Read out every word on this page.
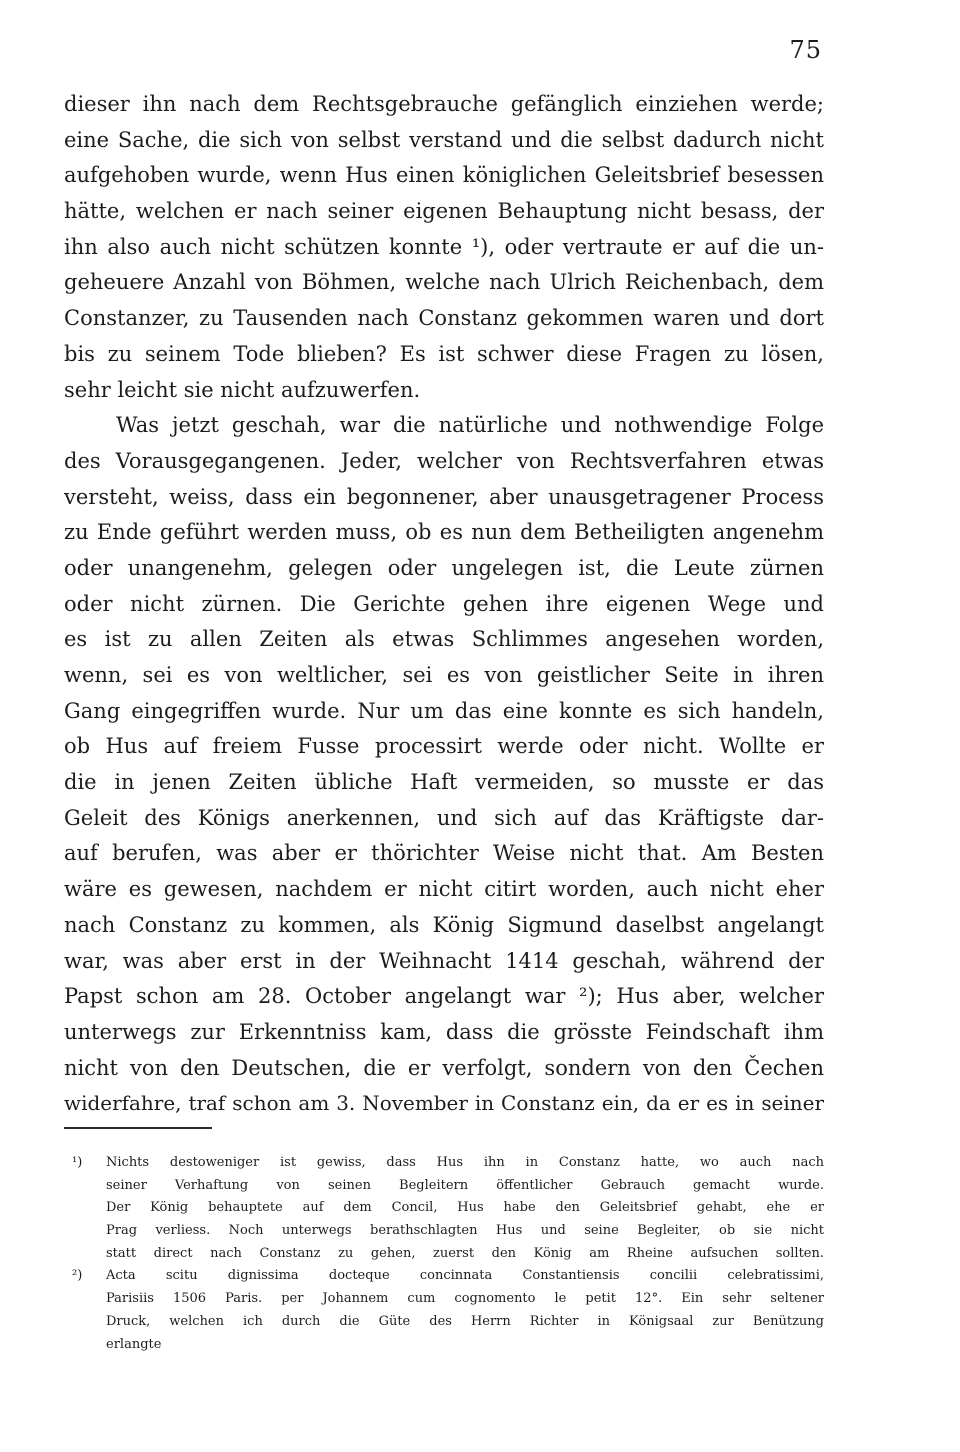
75
dieser ihn nach dem Rechtsgebrauche gefänglich einziehen werde;
eine Sache, die sich von selbst verstand und die selbst dadurch nicht
aufgehoben wurde, wenn Hus einen königlichen Geleitsbrief besessen
hätte, welchen er nach seiner eigenen Behauptung nicht besass, der
ihn also auch nicht schützen konnte ¹), oder vertraute er auf die un-
geheuere Anzahl von Böhmen, welche nach Ulrich Reichenbach, dem
Constanzer, zu Tausenden nach Constanz gekommen waren und dort
bis zu seinem Tode blieben? Es ist schwer diese Fragen zu lösen,
sehr leicht sie nicht aufzuwerfen.
Was jetzt geschah, war die natürliche und nothwendige Folge
des Vorausgegangenen. Jeder, welcher von Rechtsverfahren etwas
versteht, weiss, dass ein begonnener, aber unausgetragener Process
zu Ende geführt werden muss, ob es nun dem Betheiligten angenehm
oder unangenehm, gelegen oder ungelegen ist, die Leute zürnen
oder nicht zürnen. Die Gerichte gehen ihre eigenen Wege und
es ist zu allen Zeiten als etwas Schlimmes angesehen worden,
wenn, sei es von weltlicher, sei es von geistlicher Seite in ihren
Gang eingegriffen wurde. Nur um das eine konnte es sich handeln,
ob Hus auf freiem Fusse processirt werde oder nicht. Wollte er
die in jenen Zeiten übliche Haft vermeiden, so musste er das
Geleit des Königs anerkennen, und sich auf das Kräftigste dar-
auf berufen, was aber er thörichter Weise nicht that. Am Besten
wäre es gewesen, nachdem er nicht citirt worden, auch nicht eher
nach Constanz zu kommen, als König Sigmund daselbst angelangt
war, was aber erst in der Weihnacht 1414 geschah, während der
Papst schon am 28. October angelangt war ²); Hus aber, welcher
unterwegs zur Erkenntniss kam, dass die grösste Feindschaft ihm
nicht von den Deutschen, die er verfolgt, sondern von den Čechen
widerfahre, traf schon am 3. November in Constanz ein, da er es in seiner
¹) Nichts destoweniger ist gewiss, dass Hus ihn in Constanz hatte, wo auch nach
seiner Verhaftung von seinen Begleitern öffentlicher Gebrauch gemacht wurde.
Der König behauptete auf dem Concil, Hus habe den Geleitsbrief gehabt, ehe er
Prag verliess. Noch unterwegs berathschlagten Hus und seine Begleiter, ob sie nicht
statt direct nach Constanz zu gehen, zuerst den König am Rheine aufsuchen sollten.
²) Acta scitu dignissima docteque concinnata Constantiensis concilii celebratissimi,
Parisiis 1506 Paris. per Johannem cum cognomento le petit 12°. Ein sehr seltener
Druck, welchen ich durch die Güte des Herrn Richter in Königsaal zur Benützung
erlangte
